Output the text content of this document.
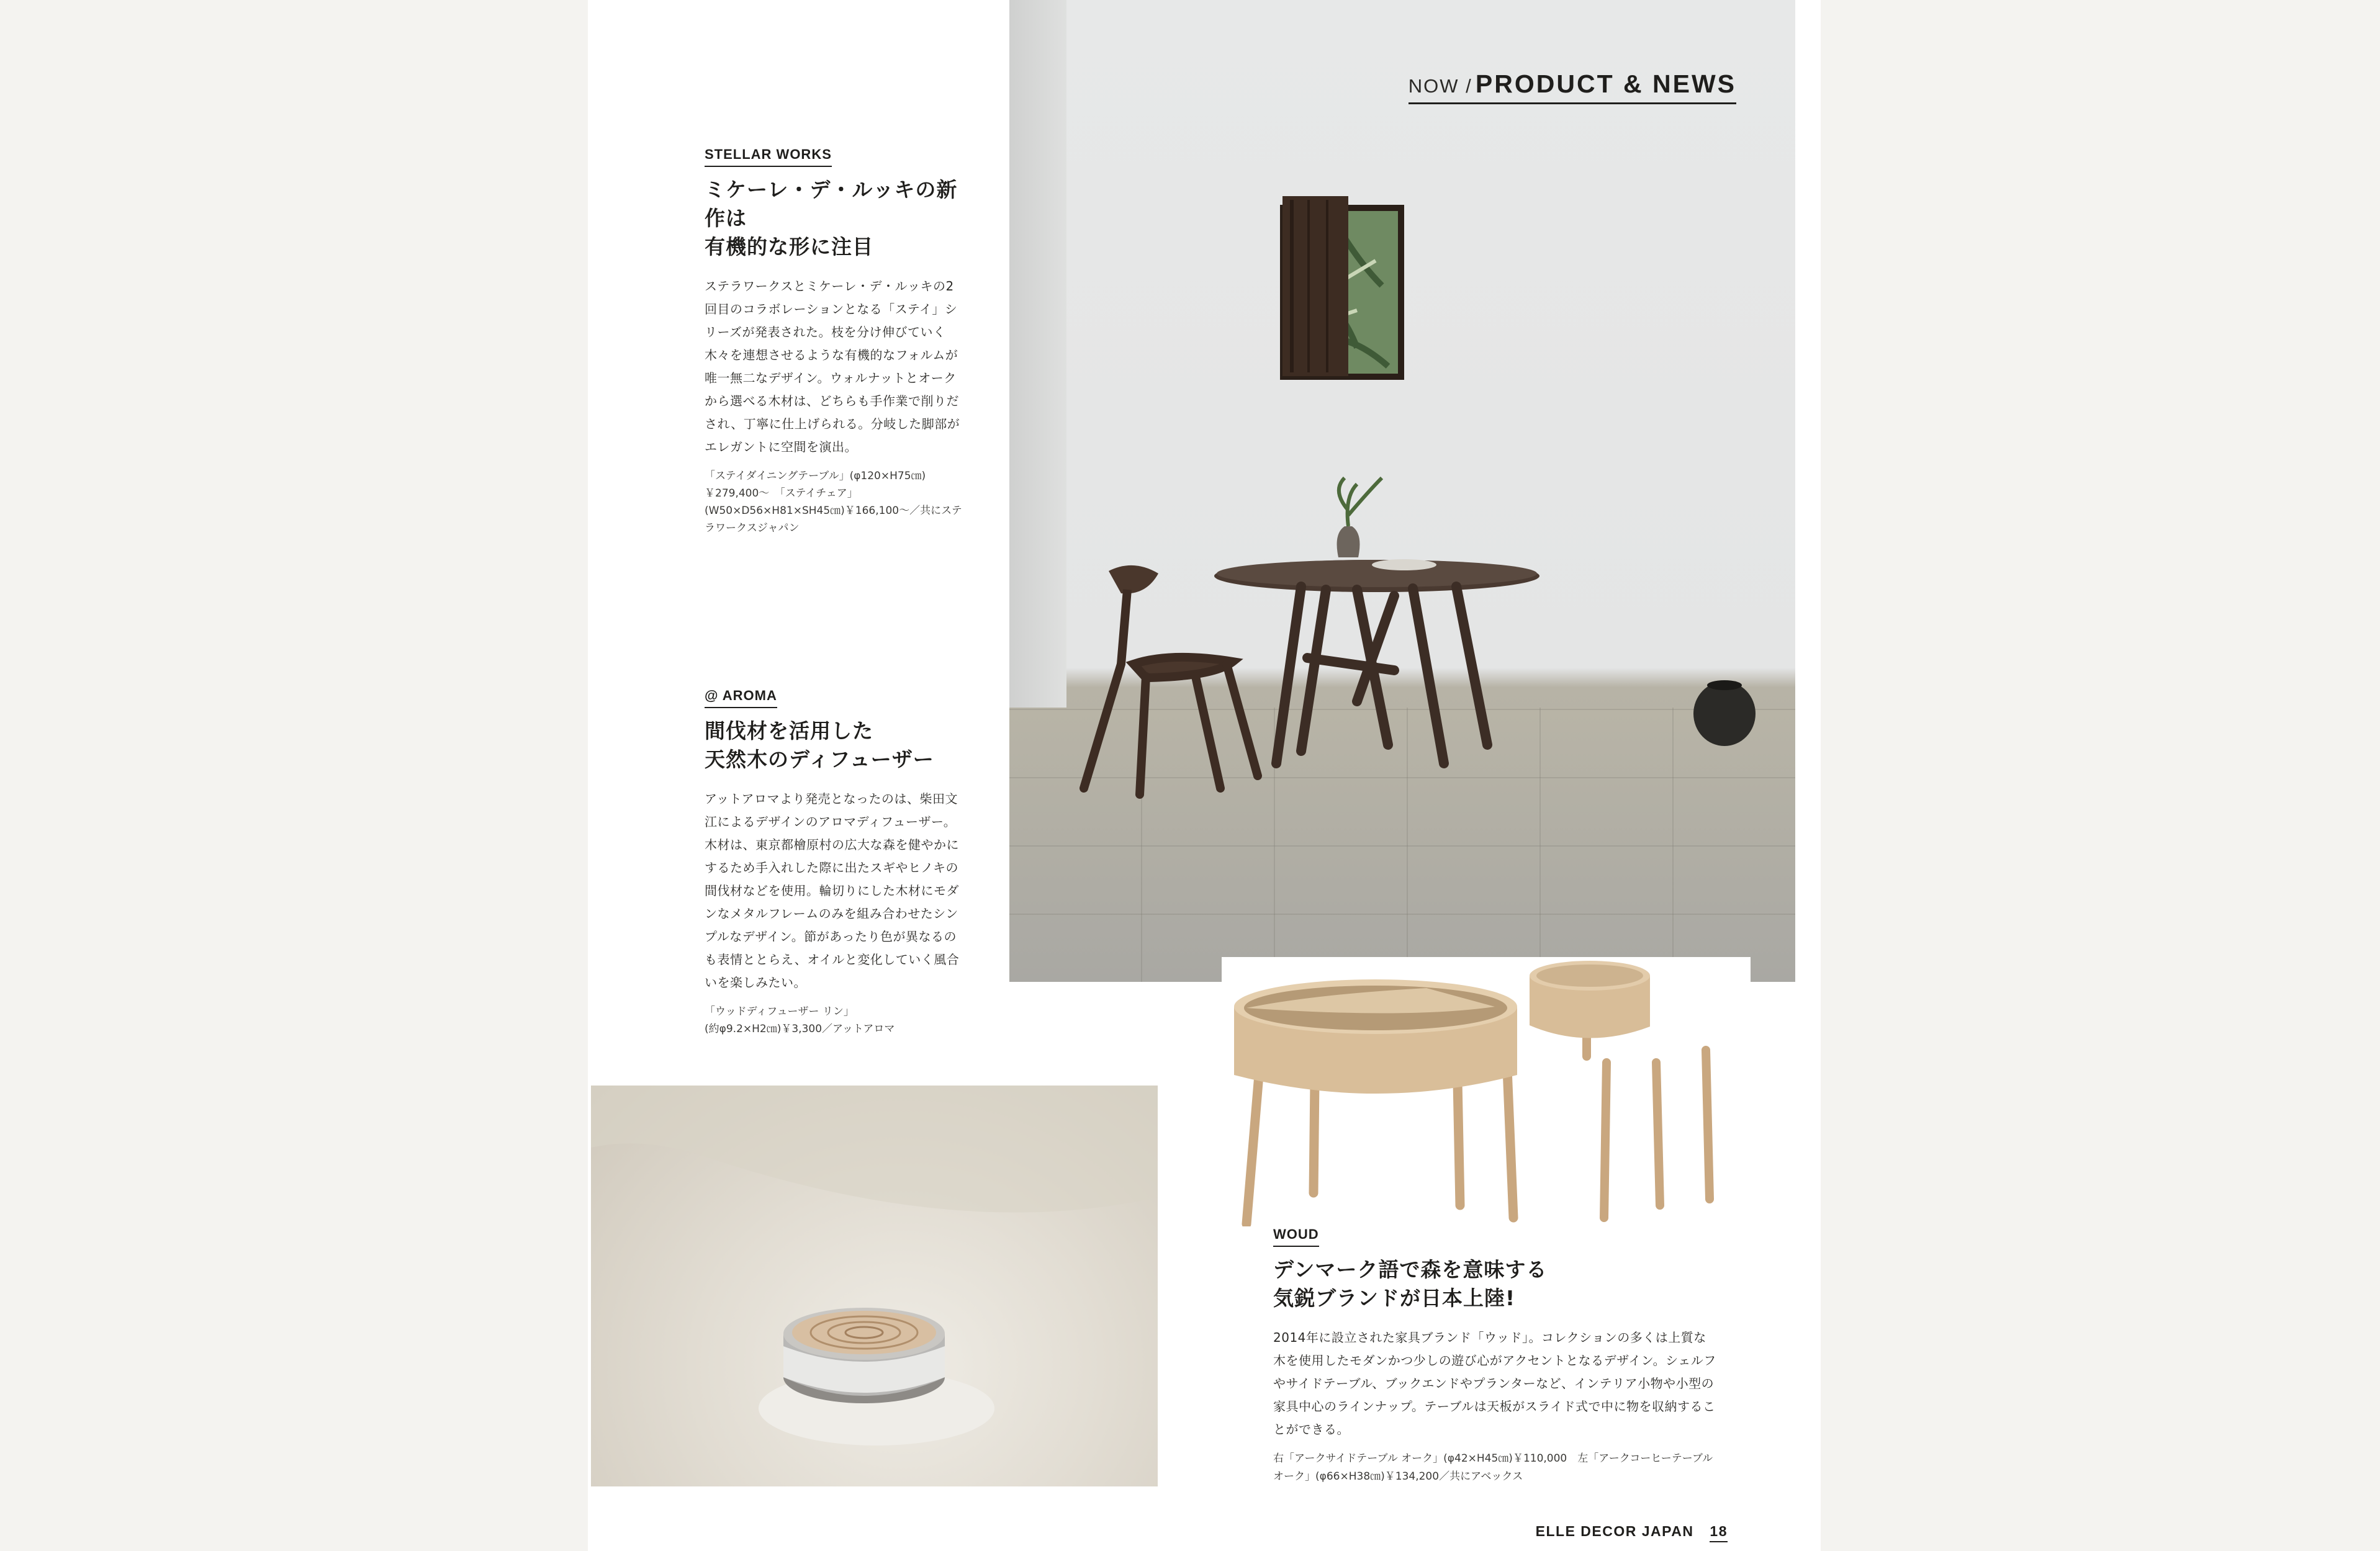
NOW / PRODUCT & NEWS
STELLAR WORKS
ミケーレ・デ・ルッキの新作は
有機的な形に注目

ステラワークスとミケーレ・デ・ルッキの2回目のコラボレーションとなる「ステイ」シリーズが発表された。枝を分け伸びていく木々を連想させるような有機的なフォルムが唯一無二なデザイン。ウォルナットとオークから選べる木材は、どちらも手作業で削りだされ、丁寧に仕上げられる。分岐した脚部がエレガントに空間を演出。

「ステイダイニングテーブル」(φ120×H75㎝)￥279,400〜　「ステイチェア」(W50×D56×H81×SH45㎝)￥166,100〜／共にステラワークスジャパン

@ AROMA
間伐材を活用した
天然木のディフューザー

アットアロマより発売となったのは、柴田文江によるデザインのアロマディフューザー。木材は、東京都檜原村の広大な森を健やかにするため手入れした際に出たスギやヒノキの間伐材などを使用。輪切りにした木材にモダンなメタルフレームのみを組み合わせたシンプルなデザイン。節があったり色が異なるのも表情ととらえ、オイルと変化していく風合いを楽しみたい。

「ウッドディフューザー リン」
(約φ9.2×H2㎝)￥3,300／アットアロマ

WOUD
デンマーク語で森を意味する
気鋭ブランドが日本上陸!

2014年に設立された家具ブランド「ウッド」。コレクションの多くは上質な木を使用したモダンかつ少しの遊び心がアクセントとなるデザイン。シェルフやサイドテーブル、ブックエンドやプランターなど、インテリア小物や小型の家具中心のラインナップ。テーブルは天板がスライド式で中に物を収納することができる。

右「アークサイドテーブル オーク」(φ42×H45㎝)￥110,000　左「アークコーヒーテーブル オーク」(φ66×H38㎝)￥134,200／共にアベックス

ELLE DECOR JAPAN 18
